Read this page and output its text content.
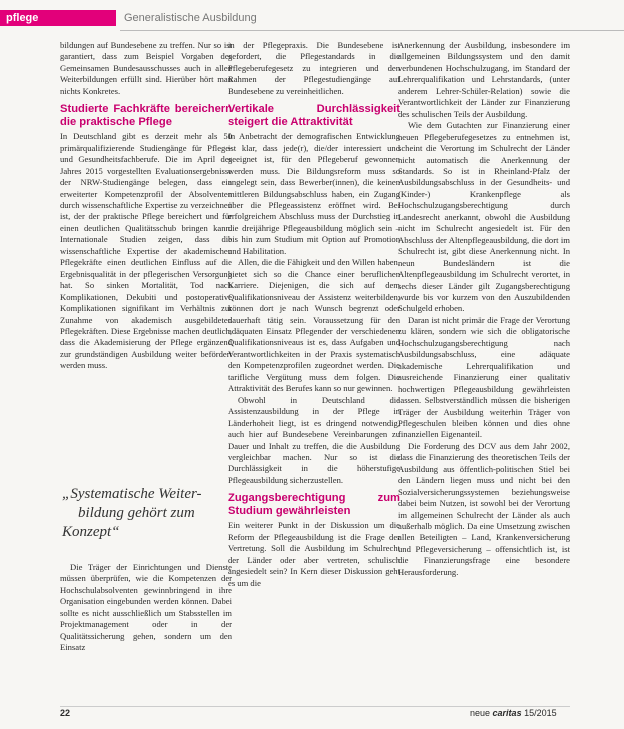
pflege	Generalistische Ausbildung

bildungen auf Bundesebene zu treffen. Nur so ist garantiert, dass zum Beispiel Vorgaben des Gemeinsamen Bundesausschusses auch in allen Weiterbildungen erfüllt sind. Hierüber hört man nichts Konkretes.

Studierte Fachkräfte bereichern die praktische Pflege

In Deutschland gibt es derzeit mehr als 50 primärqualifizierende Studiengänge für Pflege- und Gesundheitsfachberufe. Die im April des Jahres 2015 vorgestellten Evaluationsergebnisse der NRW-Studiengänge belegen, dass ein erweiterter Kompetenzprofil der Absolventen durch wissenschaftliche Expertise zu verzeichnen ist, der der praktische Pflege bereichert und für einen deutlichen Qualitätsschub bringen kann. Internationale Studien zeigen, dass die wissenschaftliche Expertise der akademischen Pflegekräfte einen deutlichen Einfluss auf die Ergebnisqualität in der pflegerischen Versorgung hat. So sinken Mortalität, Tod nach Komplikationen, Dekubiti und postoperative Komplikationen signifikant im Verhältnis zur Zunahme von akademisch ausgebildeten Pflegekräften. Diese Ergebnisse machen deutlich, dass die Akademisierung der Pflege ergänzend zur grundständigen Ausbildung weiter befördert werden muss.

„Systematische Weiter-
bildung gehört zum
Konzept“

Die Träger der Einrichtungen und Dienste müssen überprüfen, wie die Kompetenzen der Hochschulabsolventen gewinnbringend in ihre Organisation eingebunden werden können. Dabei sollte es nicht ausschließlich um Stabsstellen im Projektmanagement oder in der Qualitätssicherung gehen, sondern um den Einsatz

in der Pflegepraxis. Die Bundesebene ist gefordert, die Pflegestandards in die Pflegeberufegesetz zu integrieren und den Rahmen der Pflegestudiengänge auf Bundesebene zu vereinheitlichen.

Vertikale Durchlässigkeit steigert die Attraktivität

In Anbetracht der demografischen Entwicklung ist klar, dass jede(r), die/der interessiert und geeignet ist, für den Pflegeberuf gewonnen werden muss. Die Bildungsreform muss so angelegt sein, dass Bewerber(innen), die keinen mittleren Bildungsabschluss haben, ein Zugang über die Pflegeassistenz eröffnet wird. Bei erfolgreichem Abschluss muss der Durchstieg in die dreijährige Pflegeausbildung möglich sein – bis hin zum Studium mit Option auf Promotion und Habilitation.

Allen, die die Fähigkeit und den Willen haben, bietet sich so die Chance einer beruflichen Karriere. Diejenigen, die sich auf dem Qualifikationsniveau der Assistenz weiterbilden, können dort je nach Wunsch begrenzt oder dauerhaft tätig sein. Voraussetzung für den adäquaten Einsatz Pflegender der verschiedenen Qualifikationsniveaus ist es, dass Aufgaben und Verantwortlichkeiten in der Praxis systematisch den Kompetenzprofilen zugeordnet werden. Die tarifliche Vergütung muss dem folgen. Die Attraktivität des Berufes kann so nur gewinnen.

Obwohl in Deutschland die Assistenzausbildung in der Pflege in Länderhoheit liegt, ist es dringend notwendig, auch hier auf Bundesebene Vereinbarungen zu Dauer und Inhalt zu treffen, die die Ausbildung vergleichbar machen. Nur so ist die Durchlässigkeit in die höherstufige Pflegeausbildung sicherzustellen.

Zugangsberechtigung zum Studium gewährleisten

Ein weiterer Punkt in der Diskussion um die Reform der Pflegeausbildung ist die Frage der Vertretung. Soll die Ausbildung im Schulrecht der Länder oder aber vertreten, schulisch angesiedelt sein? In Kern dieser Diskussion geht es um die

Anerkennung der Ausbildung, insbesondere im allgemeinen Bildungssystem und den damit verbundenen Hochschulzugang, im Standard der Lehrerqualifikation und Lehrstandards, (unter anderem Lehrer-Schüler-Relation) sowie die Verantwortlichkeit der Länder zur Finanzierung des schulischen Teils der Ausbildung.

Wie dem Gutachten zur Finanzierung einer neuen Pflegeberufegesetzes zu entnehmen ist, scheint die Verortung im Schulrecht der Länder nicht automatisch die Anerkennung der Standards. So ist in Rheinland-Pfalz der Ausbildungsabschluss in der Gesundheits- und (Kinder-) Krankenpflege als Hochschulzugangsberechtigung durch Landesrecht anerkannt, obwohl die Ausbildung nicht im Schulrecht angesiedelt ist. Für den Abschluss der Altenpflegeausbildung, die dort im Schulrecht ist, gibt diese Anerkennung nicht. In neun Bundesländern ist die Altenpflegeausbildung im Schulrecht verortet, in sechs dieser Länder gilt Zugangsberechtigung wurde bis vor kurzem von den Auszubildenden Schulgeld erhoben.

Daran ist nicht primär die Frage der Verortung zu klären, sondern wie sich die obligatorische Hochschulzugangsberechtigung nach Ausbildungsabschluss, eine adäquate akademische Lehrerqualifikation und ausreichende Finanzierung einer qualitativ hochwertigen Pflegeausbildung gewährleisten lassen. Selbstverständlich müssen die bisherigen Träger der Ausbildung weiterhin Träger von Pflegeschulen bleiben können und dies ohne finanziellen Eigenanteil.

Die Forderung des DCV aus dem Jahr 2002, dass die Finanzierung des theoretischen Teils der Ausbildung aus öffentlich-politischen Stiel bei den Ländern liegen muss und nicht bei den Sozialversicherungssystemen beziehungsweise dabei beim Nutzen, ist sowohl bei der Verortung im allgemeinen Schulrecht der Länder als auch außerhalb möglich. Da eine Umsetzung zwischen allen Beteiligten – Land, Krankenversicherung und Pflegeversicherung – offensichtlich ist, ist die Finanzierungsfrage eine besondere Herausforderung.

22	neue caritas 15/2015
